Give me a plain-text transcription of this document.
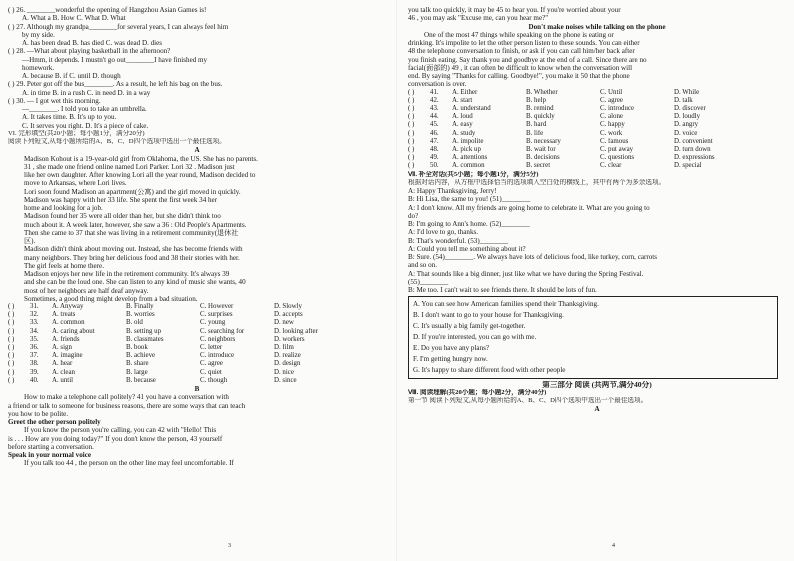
( ) 26. ________wonderful the opening of Hangzhou Asian Games is!
A. What a B. How C. What D. What
( ) 27. Although my grandpa________for several years, I can always feel him
by my side.
A. has been dead B. has died C. was dead D. dies
( ) 28. —What about playing basketball in the afternoon?
—Hmm, it depends. I mustn't go out________I have finished my
homework.
A. because B. if C. until D. though
( ) 29. Peter got off the bus________. As a result, he left his bag on the bus.
A. in time B. in a rush C. in need D. in a way
( ) 30. — I got wet this morning.
—________. I told you to take an umbrella.
A. It takes time. B. It's up to you.
C. It serves you right. D. It's a piece of cake.
VI. 完形填空(共20小题；每小题1分，满分20分)
阅读下列短文,从每小题所给的A、B、C、D四个选项中选出一个最佳选项。
A
Madison Kohout is a 19-year-old girl from Oklahoma, the US. She has no parents.
31 , she made one friend online named Lori Parker. Lori 32 . Madison just
like her own daughter. After knowing Lori all the year round, Madison decided to
move to Arkansas, where Lori lives.
Lori soon found Madison an apartment(公寓) and the girl moved in quickly.
Madison was happy with her 33 life. She spent the first week 34 her
home and looking for a job.
Madison found her 35 were all older than her, but she didn't think too
much about it. A week later, however, she saw a 36 : Old People's Apartments.
Then she came to 37 that she was living in a retirement community(退休社
区).
Madison didn't think about moving out. Instead, she has become friends with
many neighbors. They bring her delicious food and 38 their stories with her.
The girl feels at home there.
Madison enjoys her new life in the retirement community. It's always 39
and she can be the loud one. She can listen to any kind of music she wants, 40
most of her neighbors are half deaf anyway.
Sometimes, a good thing might develop from a bad situation.
( )	31.	A. Anyway	B. Finally	C. However	D. Slowly
( )	32.	A. treats	B. worries	C. surprises	D. accepts
( )	33.	A. common	B. old	C. young	D. new
( )	34.	A. caring about	B. setting up	C. searching for	D. looking after
( )	35.	A. friends	B. classmates	C. neighbors	D. workers
( )	36.	A. sign	B. book	C. letter	D. film
( )	37.	A. imagine	B. achieve	C. introduce	D. realize
( )	38.	A. hear	B. share	C. agree	D. design
( )	39.	A. clean	B. large	C. quiet	D. nice
( )	40.	A. until	B. because	C. though	D. since
B
How to make a telephone call politely? 41 you have a conversation with
a friend or talk to someone for business reasons, there are some ways that can teach
you how to be polite.
Greet the other person politely
If you know the person you're calling, you can 42 with "Hello! This
is . . . How are you doing today?" If you don't know the person, 43 yourself
before starting a conversation.
Speak in your normal voice
If you talk too 44 , the person on the other line may feel uncomfortable. If
3
you talk too quickly, it may be 45 to hear you. If you're worried about your
46 , you may ask "Excuse me, can you hear me?"
Don't make noises while talking on the phone
One of the most 47 things while speaking on the phone is eating or
drinking. It's impolite to let the other person listen to these sounds. You can either
48 the telephone conversation to finish, or ask if you can call him/her back after
you finish eating. Say thank you and goodbye at the end of a call. Since there are no
facial(面部的) 49 , it can often be difficult to know when the conversation will
end. By saying "Thanks for calling. Goodbye!", you make it 50 that the phone
conversation is over.
( )	41.	A. Either	B. Whether	C. Until	D. While
( )	42.	A. start	B. help	C. agree	D. talk
( )	43.	A. understand	B. remind	C. introduce	D. discover
( )	44.	A. loud	B. quickly	C. alone	D. loudly
( )	45.	A. easy	B. hard	C. happy	D. angry
( )	46.	A. study	B. life	C. work	D. voice
( )	47.	A. impolite	B. necessary	C. famous	D. convenient
( )	48.	A. pick up	B. wait for	C. put away	D. turn down
( )	49.	A. attentions	B. decisions	C. questions	D. expressions
( )	50.	A. common	B. secret	C. clear	D. special
Ⅶ. 补全对话(共5小题；每小题1分，满分5分)
根据对话内容，从方框中选择恰当的选项填入空白处的横线上，其中有两个为多余选项。
A: Happy Thanksgiving, Jerry!
B: Hi Lisa, the same to you! (51)________
A: I don't know. All my friends are going home to celebrate it. What are you going to
do?
B: I'm going to Ann's home. (52)________
A: I'd love to go, thanks.
B: That's wonderful. (53)________
A: Could you tell me something about it?
B: Sure. (54)________. We always have lots of delicious food, like turkey, corn, carrots
and so on.
A: That sounds like a big dinner, just like what we have during the Spring Festival.
(55)________
B: Me too. I can't wait to see friends there. It should be lots of fun.
A. You can see how American families spend their Thanksgiving.
B. I don't want to go to your house for Thanksgiving.
C. It's usually a big family get-together.
D. If you're interested, you can go with me.
E. Do you have any plans?
F. I'm getting hungry now.
G. It's happy to share different food with other people
第三部分 阅读 (共两节,满分40分)
Ⅷ. 阅读理解(共20小题；每小题2分，满分40分)
第一节 阅读下列短文,从每小题所给的A、B、C、D四个选项中选出一个最佳选项。
A
4
